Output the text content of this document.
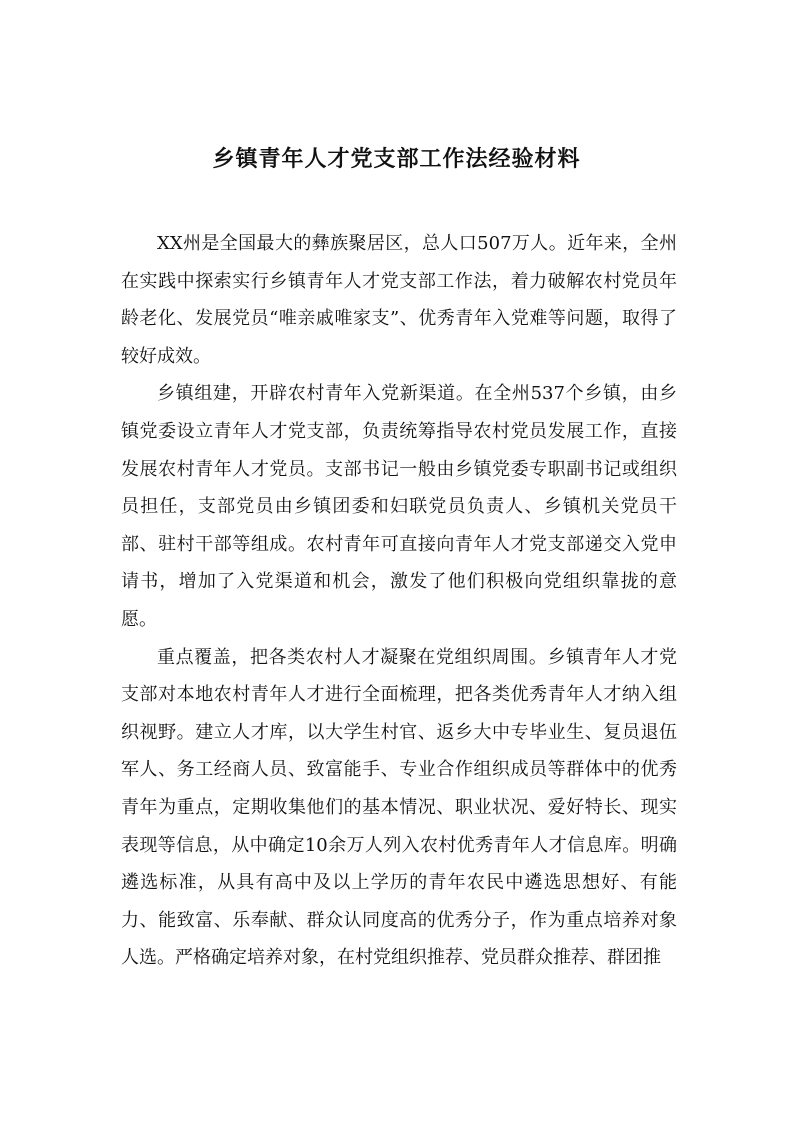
乡镇青年人才党支部工作法经验材料

XX州是全国最大的彝族聚居区，总人口507万人。近年来，全州在实践中探索实行乡镇青年人才党支部工作法，着力破解农村党员年龄老化、发展党员“唯亲戚唯家支”、优秀青年入党难等问题，取得了较好成效。

乡镇组建，开辟农村青年入党新渠道。在全州537个乡镇，由乡镇党委设立青年人才党支部，负责统筹指导农村党员发展工作，直接发展农村青年人才党员。支部书记一般由乡镇党委专职副书记或组织员担任，支部党员由乡镇团委和妇联党员负责人、乡镇机关党员干部、驻村干部等组成。农村青年可直接向青年人才党支部递交入党申请书，增加了入党渠道和机会，激发了他们积极向党组织靠拢的意愿。

重点覆盖，把各类农村人才凝聚在党组织周围。乡镇青年人才党支部对本地农村青年人才进行全面梳理，把各类优秀青年人才纳入组织视野。建立人才库，以大学生村官、返乡大中专毕业生、复员退伍军人、务工经商人员、致富能手、专业合作组织成员等群体中的优秀青年为重点，定期收集他们的基本情况、职业状况、爱好特长、现实表现等信息，从中确定10余万人列入农村优秀青年人才信息库。明确遴选标准，从具有高中及以上学历的青年农民中遴选思想好、有能力、能致富、乐奉献、群众认同度高的优秀分子，作为重点培养对象人选。严格确定培养对象，在村党组织推荐、党员群众推荐、群团推
